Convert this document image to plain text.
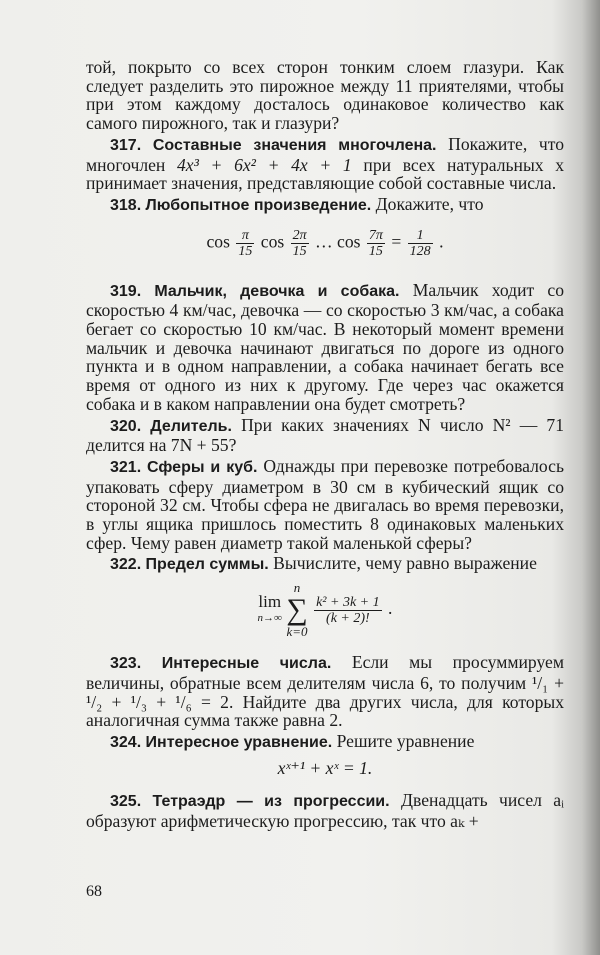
той, покрыто со всех сторон тонким слоем глазури. Как следует разделить это пирожное между 11 приятелями, чтобы при этом каждому досталось одинаковое количество как самого пирожного, так и глазури?

317. Составные значения многочлена. Покажите, что многочлен 4x³ + 6x² + 4x + 1 при всех натуральных x принимает значения, представляющие собой составные числа.

318. Любопытное произведение. Докажите, что

$\cos \frac{\pi}{15}$ $\cos \frac{2\pi}{15}$ … $\cos \frac{7\pi}{15} = \frac{1}{128}$ .

319. Мальчик, девочка и собака. Мальчик ходит со скоростью 4 км/час, девочка — со скоростью 3 км/час, а собака бегает со скоростью 10 км/час. В некоторый момент времени мальчик и девочка начинают двигаться по дороге из одного пункта и в одном направлении, а собака начинает бегать все время от одного из них к другому. Где через час окажется собака и в каком направлении она будет смотреть?

320. Делитель. При каких значениях N число N² — 71 делится на 7N + 55?

321. Сферы и куб. Однажды при перевозке потребовалось упаковать сферу диаметром в 30 см в кубический ящик со стороной 32 см. Чтобы сфера не двигалась во время перевозки, в углы ящика пришлось поместить 8 одинаковых маленьких сфер. Чему равен диаметр такой маленькой сферы?

322. Предел суммы. Вычислите, чему равно выражение

lim
n→∞
n
∑
k=0
$\frac{\text{k² + 3k + 1}}{(k + 2)!}$ .

323. Интересные числа. Если мы просуммируем величины, обратные всем делителям числа 6, то получим ¹/₁ + ¹/₂ + ¹/₃ + ¹/₆ = 2. Найдите два других числа, для которых аналогичная сумма также равна 2.

324. Интересное уравнение. Решите уравнение

xˣ⁺¹ + xˣ = 1.

325. Тетраэдр — из прогрессии. Двенадцать чисел aᵢ образуют арифметическую прогрессию, так что aₖ +

68
